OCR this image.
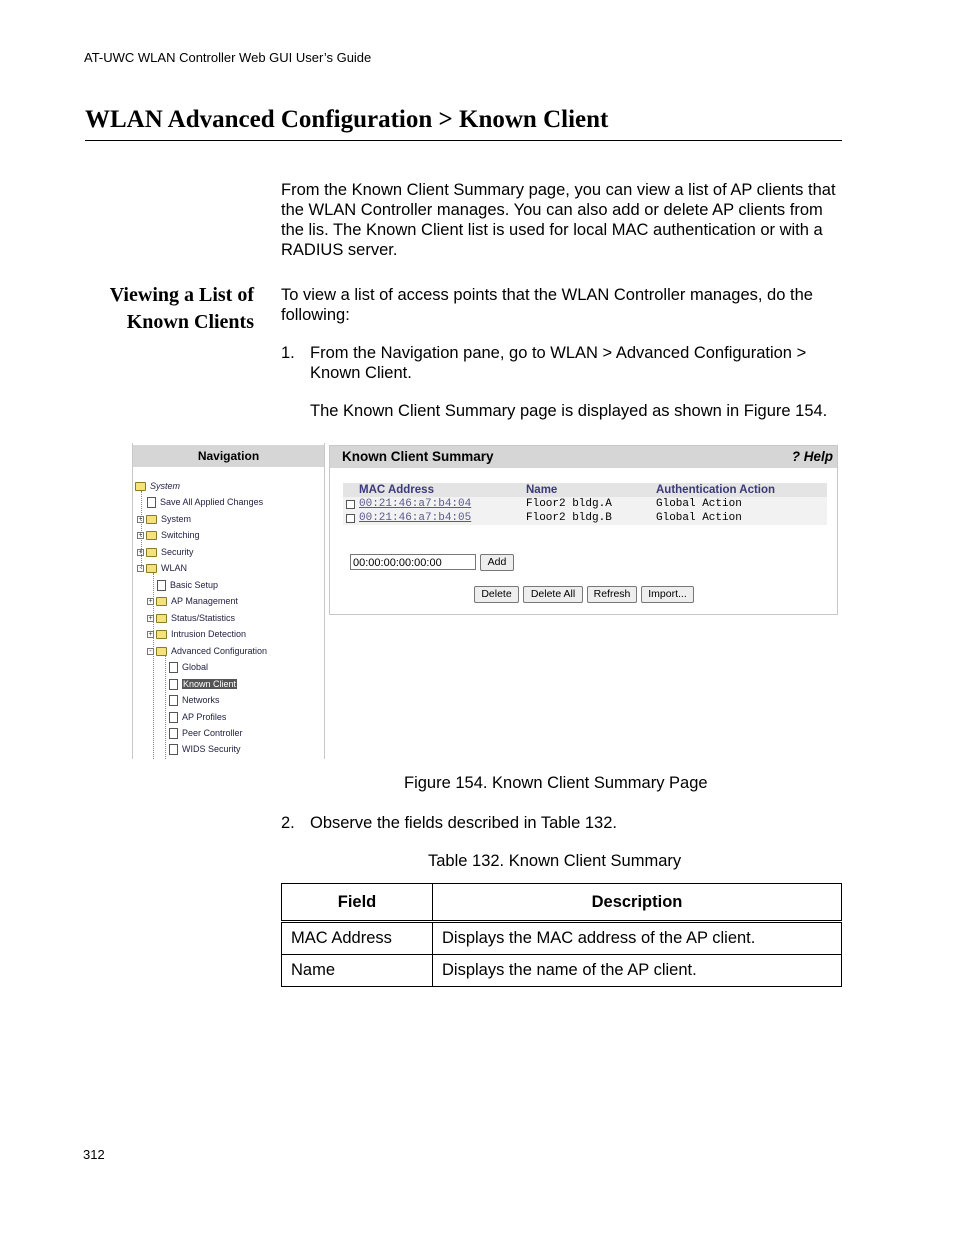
AT-UWC WLAN Controller Web GUI User’s Guide
WLAN Advanced Configuration > Known Client
From the Known Client Summary page, you can view a list of AP clients that the WLAN Controller manages. You can also add or delete AP clients from the lis. The Known Client list is used for local MAC authentication or with a RADIUS server.
Viewing a List of
Known Clients
To view a list of access points that the WLAN Controller manages, do the following:
1. From the Navigation pane, go to WLAN > Advanced Configuration > Known Client.
The Known Client Summary page is displayed as shown in Figure 154.
Navigation
System
Save All Applied Changes
+ System
+ Switching
+ Security
- WLAN
Basic Setup
+ AP Management
+ Status/Statistics
+ Intrusion Detection
- Advanced Configuration
Global
Known Client
Networks
AP Profiles
Peer Controller
WIDS Security
Known Client Summary	? Help
MAC Address	Name	Authentication Action
00:21:46:a7:b4:04	Floor2 bldg.A	Global Action
00:21:46:a7:b4:05	Floor2 bldg.B	Global Action
00:00:00:00:00:00	Add
Delete	Delete All	Refresh	Import...
Figure 154. Known Client Summary Page
2. Observe the fields described in Table 132.
Table 132. Known Client Summary
Field	Description
MAC Address	Displays the MAC address of the AP client.
Name	Displays the name of the AP client.
312
